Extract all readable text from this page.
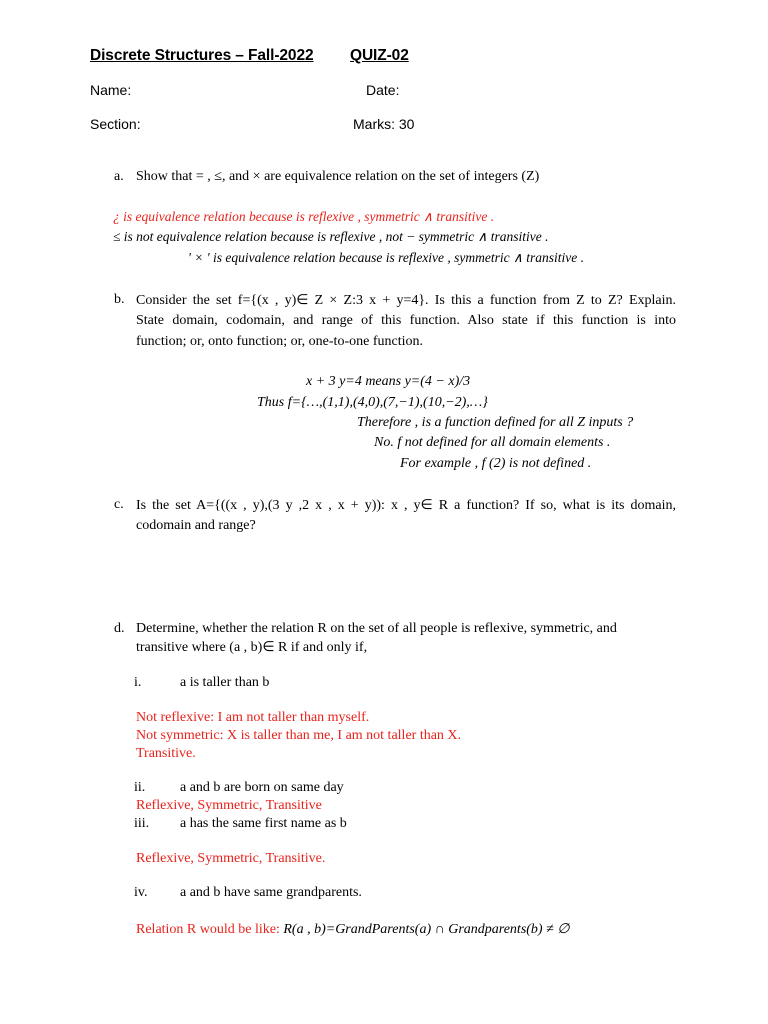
Discrete Structures – Fall-2022 QUIZ-02
Name:	Date:
Section:	Marks: 30
a. Show that = , ≤, and × are equivalence relation on the set of integers (Z)
¿ is equivalence relation because is reflexive , symmetric ∧ transitive .
≤ is not equivalence relation because is reflexive , not − symmetric ∧ transitive .
' × ' is equivalence relation because is reflexive , symmetric ∧ transitive .
b. Consider the set f={(x , y)∈ Z × Z:3 x + y=4}. Is this a function from Z to Z? Explain.
State domain, codomain, and range of this function. Also state if this function is into
function; or, onto function; or, one-to-one function.
x + 3 y=4 means y=(4 − x)/3
Thus f={…,(1,1),(4,0),(7,−1),(10,−2),…}
Therefore , is a function defined for all Z inputs ?
No. f not defined for all domain elements .
For example , f (2) is not defined .
c. Is the set A={((x , y),(3 y ,2 x , x + y)): x , y∈ R a function? If so, what is its domain,
codomain and range?
d. Determine, whether the relation R on the set of all people is reflexive, symmetric, and
transitive where (a , b)∈ R if and only if,
i.	a is taller than b
Not reflexive: I am not taller than myself.
Not symmetric: X is taller than me, I am not taller than X.
Transitive.
ii. a and b are born on same day
Reflexive, Symmetric, Transitive
iii. a has the same first name as b
Reflexive, Symmetric, Transitive.
iv. a and b have same grandparents.
Relation R would be like: R(a , b)=GrandParents(a) ∩ Grandparents(b) ≠ ∅
